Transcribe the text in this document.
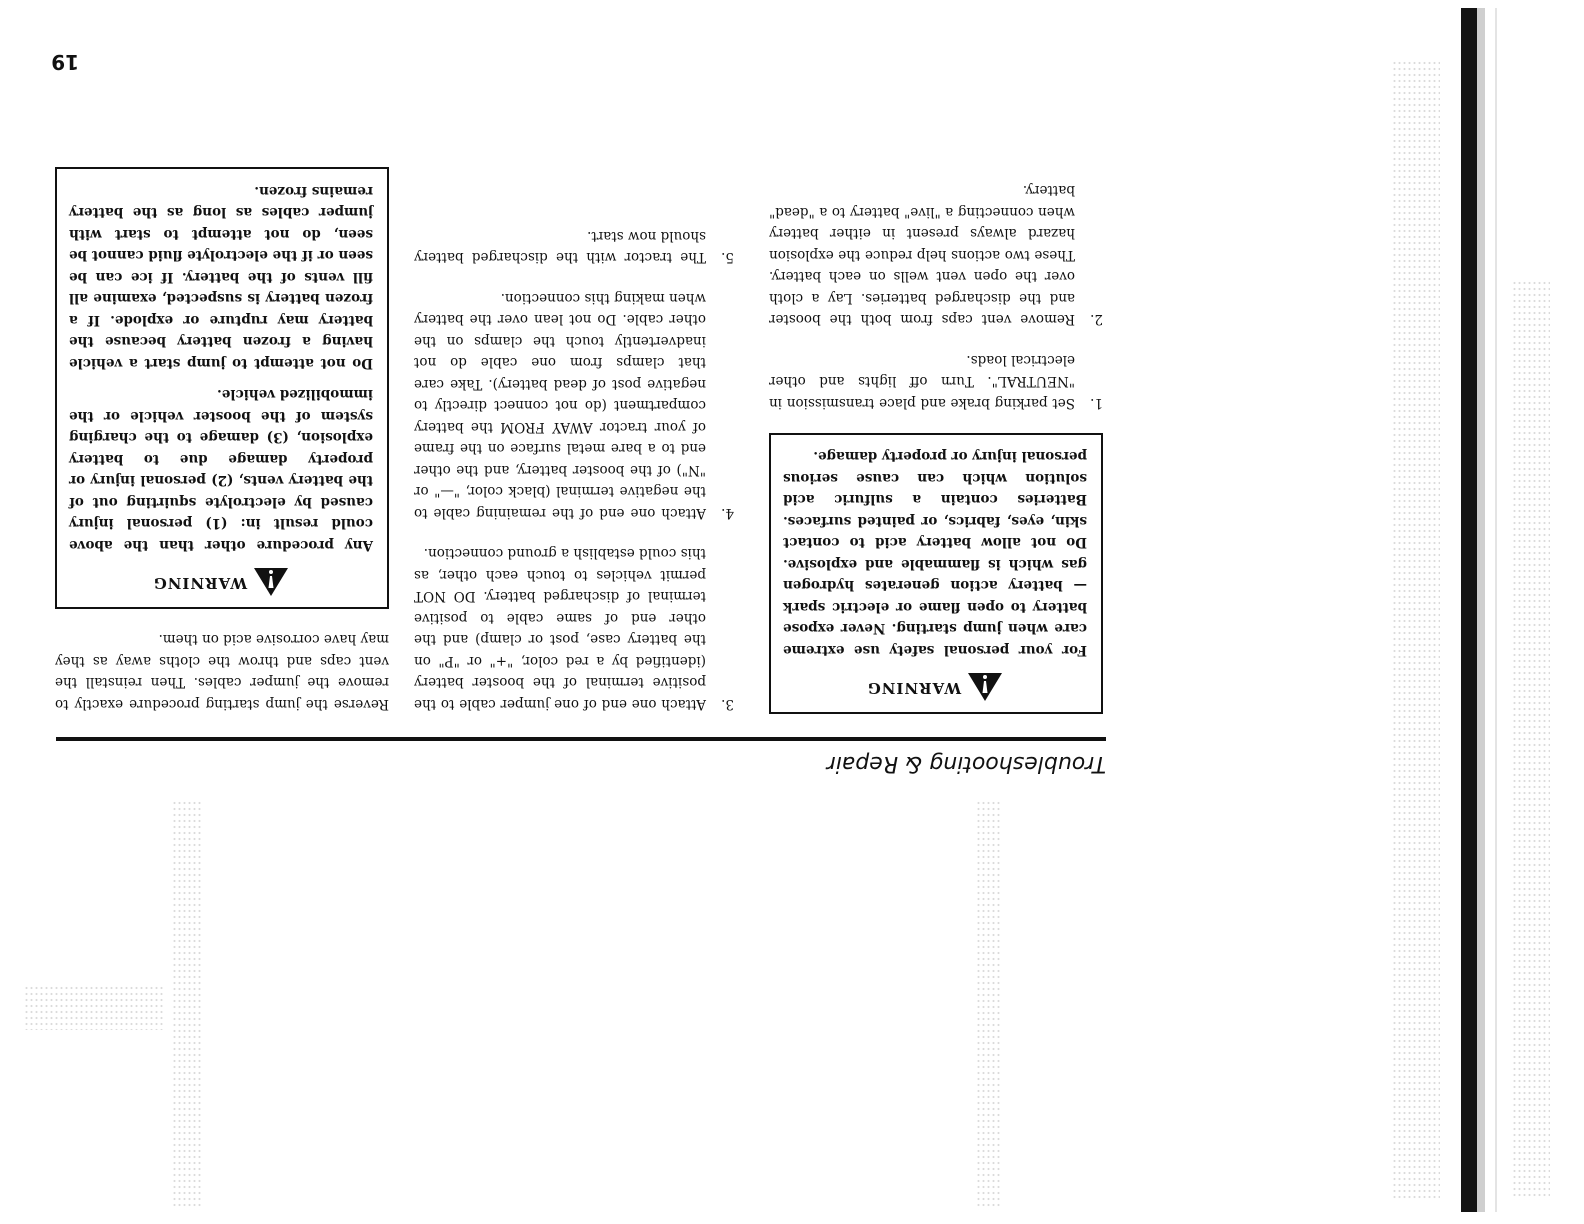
Troubleshooting & Repair
19
WARNING

For your personal safety use extreme care when jump starting. Never expose battery to open flame or electric spark — battery action generates hydrogen gas which is flammable and explosive. Do not allow battery acid to contact skin, eyes, fabrics, or painted surfaces. Batteries contain a sulfuric acid solution which can cause serious personal injury or property damage.

1.
Set parking brake and place transmission in "NEUTRAL". Turn off lights and other electrical loads.
2.
Remove vent caps from both the booster and the discharged batteries. Lay a cloth over the open vent wells on each battery. These two actions help reduce the explosion hazard always present in either battery when connecting a "live" battery to a "dead" battery.
3.
Attach one end of one jumper cable to the positive terminal of the booster battery (identified by a red color, "+" or "P" on the battery case, post or clamp) and the other end of same cable to positive terminal of discharged battery. DO NOT permit vehicles to touch each other, as this could establish a ground connection.
4.
Attach one end of the remaining cable to the negative terminal (black color, "—" or "N") of the booster battery, and the other end to a bare metal surface on the frame of your tractor AWAY FROM the battery compartment (do not connect directly to negative post of dead battery). Take care that clamps from one cable do not inadvertently touch the clamps on the other cable. Do not lean over the battery when making this connection.
5.
The tractor with the discharged battery should now start.

Reverse the jump starting procedure exactly to remove the jumper cables. Then reinstall the vent caps and throw the cloths away as they may have corrosive acid on them.

WARNING

Any procedure other than the above could result in: (1) personal injury caused by electrolyte squirting out of the battery vents, (2) personal injury or property damage due to battery explosion, (3) damage to the charging system of the booster vehicle or the immobilized vehicle.

Do not attempt to jump start a vehicle having a frozen battery because the battery may rupture or explode. If a frozen battery is suspected, examine all fill vents of the battery. If ice can be seen or if the electrolyte fluid cannot be seen, do not attempt to start with jumper cables as long as the battery remains frozen.
